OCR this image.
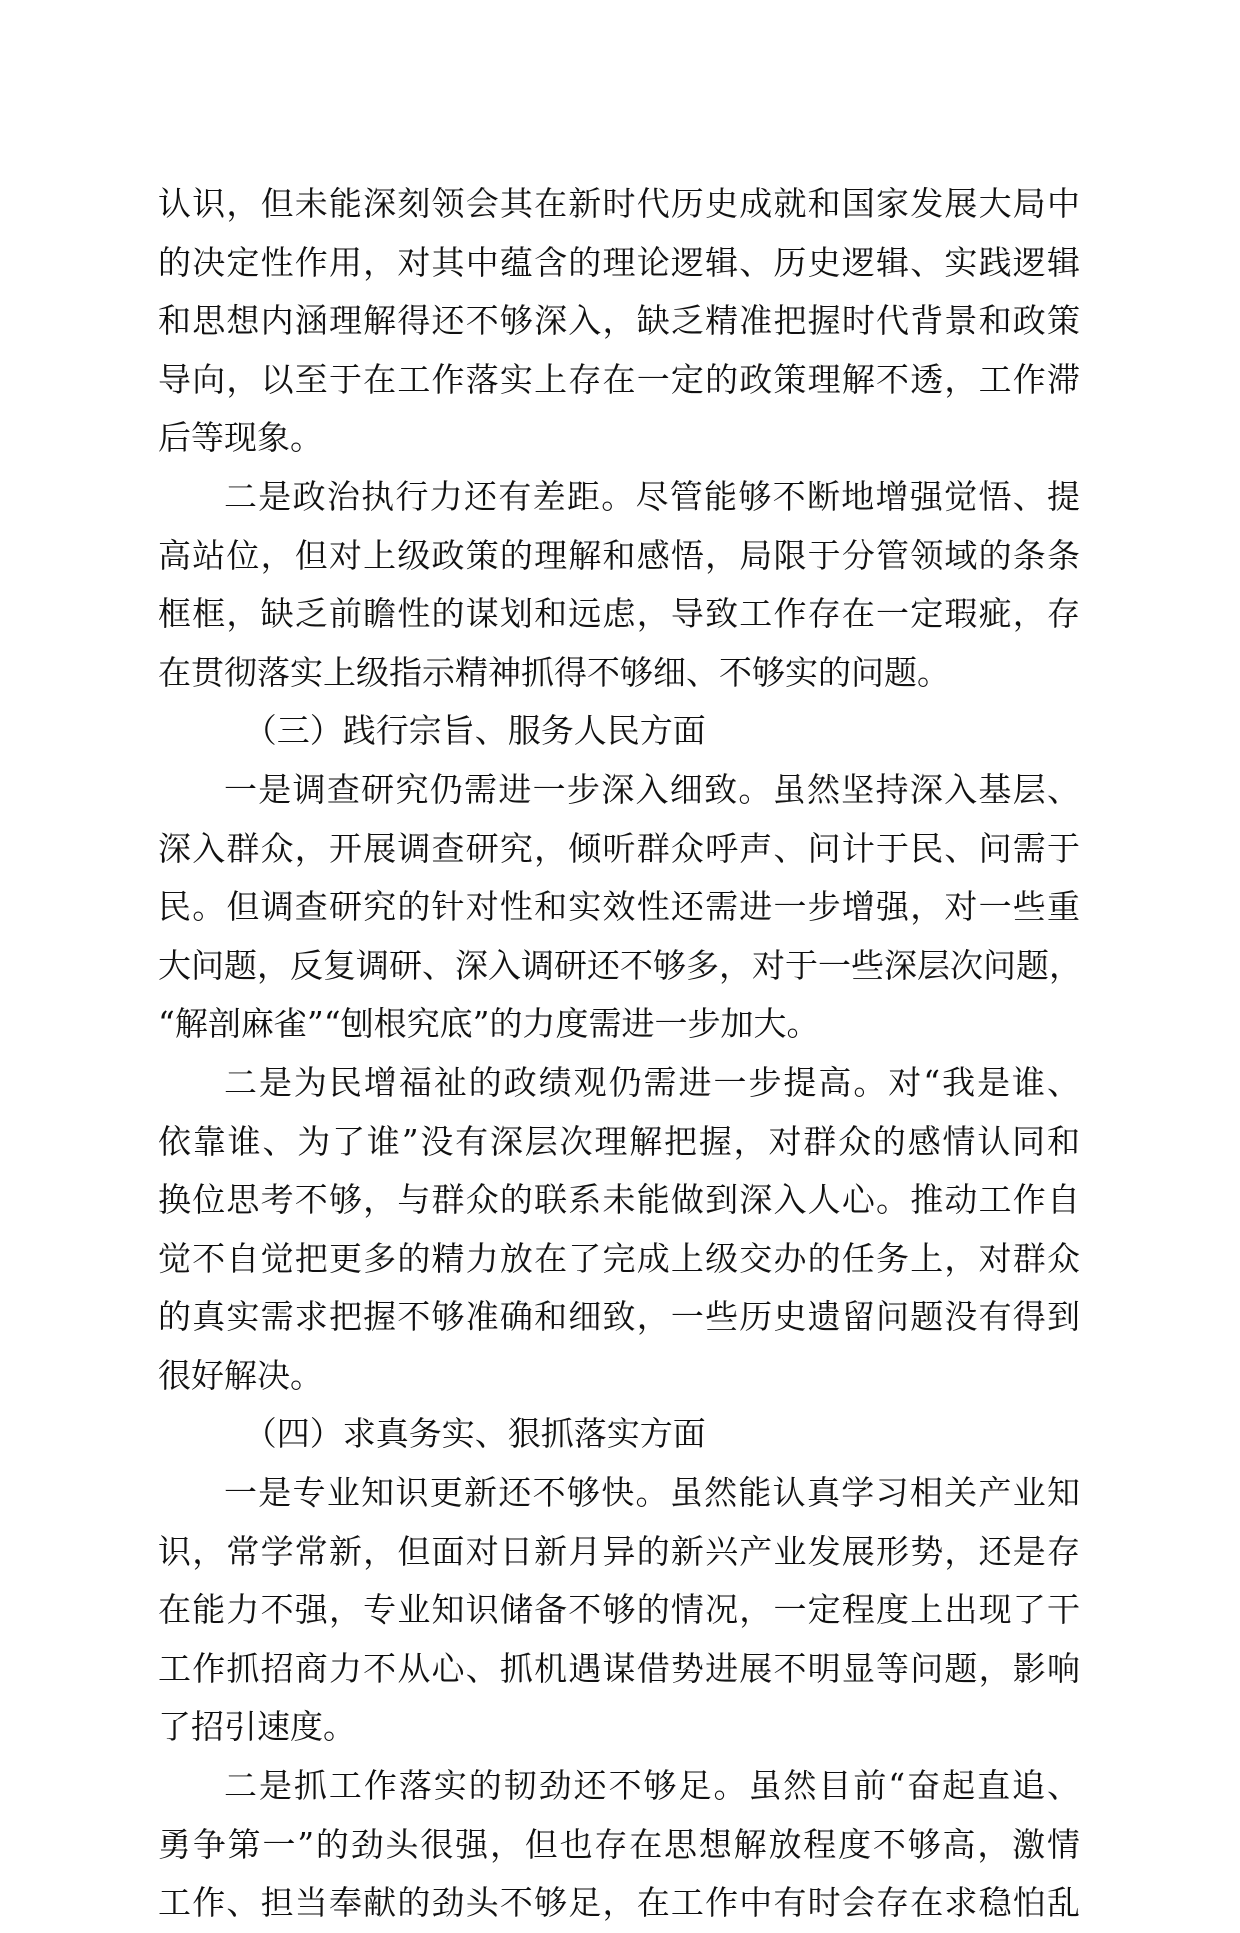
认识，但未能深刻领会其在新时代历史成就和国家发展大局中
的决定性作用，对其中蕴含的理论逻辑、历史逻辑、实践逻辑
和思想内涵理解得还不够深入，缺乏精准把握时代背景和政策
导向，以至于在工作落实上存在一定的政策理解不透，工作滞
后等现象。
二是政治执行力还有差距。尽管能够不断地增强觉悟、提
高站位，但对上级政策的理解和感悟，局限于分管领域的条条
框框，缺乏前瞻性的谋划和远虑，导致工作存在一定瑕疵，存
在贯彻落实上级指示精神抓得不够细、不够实的问题。
（三）践行宗旨、服务人民方面
一是调查研究仍需进一步深入细致。虽然坚持深入基层、
深入群众，开展调查研究，倾听群众呼声、问计于民、问需于
民。但调查研究的针对性和实效性还需进一步增强，对一些重
大问题，反复调研、深入调研还不够多，对于一些深层次问题，
“解剖麻雀”“刨根究底”的力度需进一步加大。
二是为民增福祉的政绩观仍需进一步提高。对“我是谁、
依靠谁、为了谁”没有深层次理解把握，对群众的感情认同和
换位思考不够，与群众的联系未能做到深入人心。推动工作自
觉不自觉把更多的精力放在了完成上级交办的任务上，对群众
的真实需求把握不够准确和细致，一些历史遗留问题没有得到
很好解决。
（四）求真务实、狠抓落实方面
一是专业知识更新还不够快。虽然能认真学习相关产业知
识，常学常新，但面对日新月异的新兴产业发展形势，还是存
在能力不强，专业知识储备不够的情况，一定程度上出现了干
工作抓招商力不从心、抓机遇谋借势进展不明显等问题，影响
了招引速度。
二是抓工作落实的韧劲还不够足。虽然目前“奋起直追、
勇争第一”的劲头很强，但也存在思想解放程度不够高，激情
工作、担当奉献的劲头不够足，在工作中有时会存在求稳怕乱
